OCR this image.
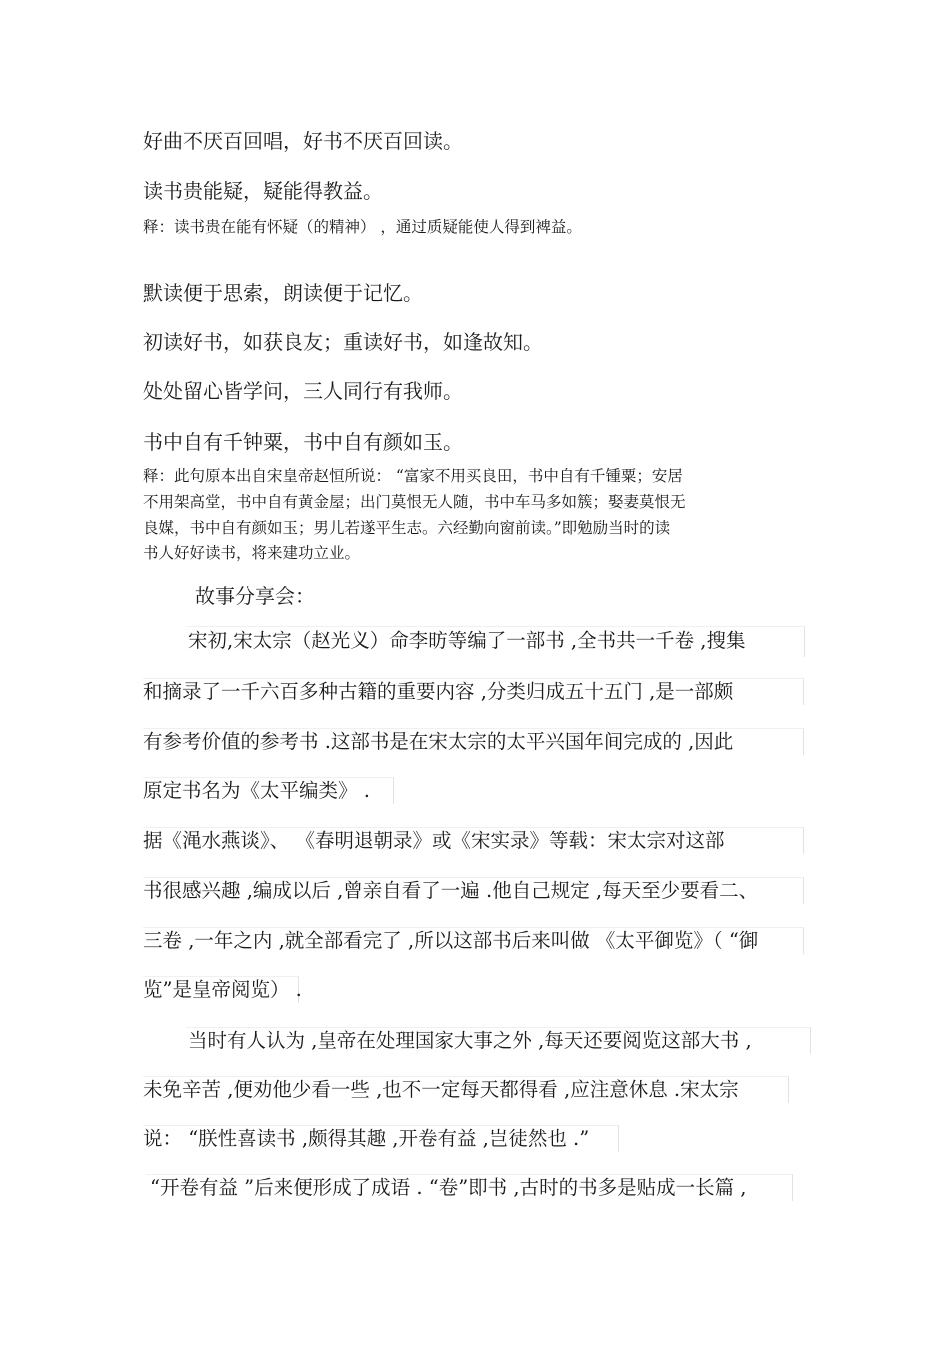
好曲不厌百回唱，好书不厌百回读。
读书贵能疑，疑能得教益。
释：读书贵在能有怀疑（的精神） ，通过质疑能使人得到裨益。
默读便于思索，朗读便于记忆。
初读好书，如获良友；重读好书，如逢故知。
处处留心皆学问，三人同行有我师。
书中自有千钟粟，书中自有颜如玉。
释：此句原本出自宋皇帝赵恒所说： “富家不用买良田，书中自有千锺粟；安居
不用架高堂，书中自有黄金屋；出门莫恨无人随，书中车马多如簇；娶妻莫恨无
良媒，书中自有颜如玉；男儿若遂平生志。六经勤向窗前读。”即勉励当时的读
书人好好读书，将来建功立业。
故事分享会：
宋初,宋太宗（赵光义）命李昉等编了一部书 ,全书共一千卷 ,搜集
和摘录了一千六百多种古籍的重要内容 ,分类归成五十五门 ,是一部颇
有参考价值的参考书 .这部书是在宋太宗的太平兴国年间完成的 ,因此
原定书名为《太平编类》 .
据《渑水燕谈》、 《春明退朝录》或《宋实录》等载：宋太宗对这部
书很感兴趣 ,编成以后 ,曾亲自看了一遍 .他自己规定 ,每天至少要看二、
三卷 ,一年之内 ,就全部看完了 ,所以这部书后来叫做 《太平御览》（ “御
览”是皇帝阅览） .
当时有人认为 ,皇帝在处理国家大事之外 ,每天还要阅览这部大书 ,
未免辛苦 ,便劝他少看一些 ,也不一定每天都得看 ,应注意休息 .宋太宗
说： “朕性喜读书 ,颇得其趣 ,开卷有益 ,岂徒然也 .”
“开卷有益 ”后来便形成了成语 . “卷”即书 ,古时的书多是贴成一长篇 ,
